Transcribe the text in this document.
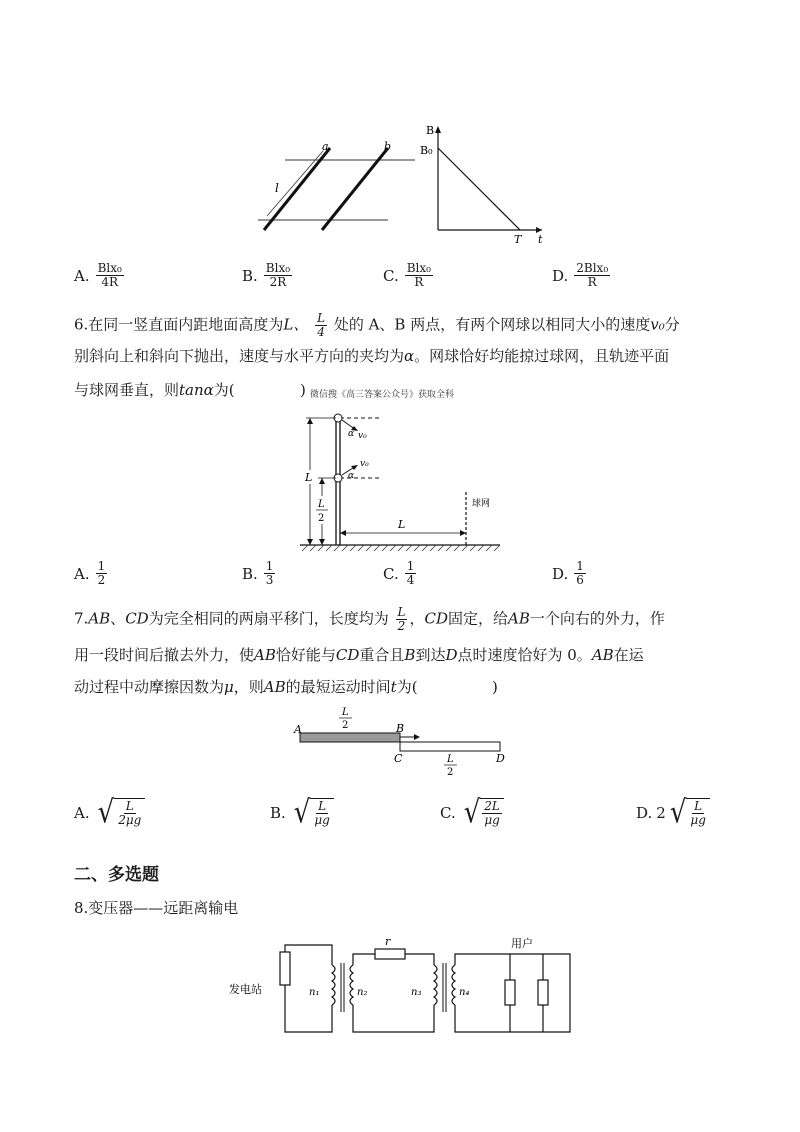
a	b
l
B
B₀
T t
A. $\frac{\text{Blx₀}}{4R}$	B. $\frac{\text{Blx₀}}{2R}$	C. $\frac{\text{Blx₀}}{R}$	D. $\frac{\text{2Blx₀}}{R}$
6.在同一竖直面内距地面高度为L、 $\frac{L}{4}$ 处的 A、B 两点，有两个网球以相同大小的速度v₀分
别斜向上和斜向下抛出，速度与水平方向的夹均为α。网球恰好均能掠过球网，且轨迹平面
与球网垂直，则tanα为(	) 微信搜《高三答案公众号》获取全科
α v₀
α
v₀
L
L
2	L
球网
A. $\frac{1}{2}$	B. $\frac{1}{3}$	C. $\frac{1}{4}$	D. $\frac{1}{6}$
7.AB、CD为完全相同的两扇平移门，长度均为 $\frac{L}{2}$ ，CD固定，给AB一个向右的外力，作
用一段时间后撤去外力，使AB恰好能与CD重合且B到达D点时速度恰好为 0。AB在运
动过程中动摩擦因数为μ，则AB的最短运动时间t为(	)
A	B
C	D
L
2
L
2
A. √ $\frac{L}{2\mu g}$	B. √ $\frac{L}{\mu g}$	C. √ $\frac{2L}{\mu g}$	D. 2 √ $\frac{L}{\mu g}$
二、多选题
8.变压器——远距离输电
发电站	n₁	n₂
r
n₃	n₄
用户
